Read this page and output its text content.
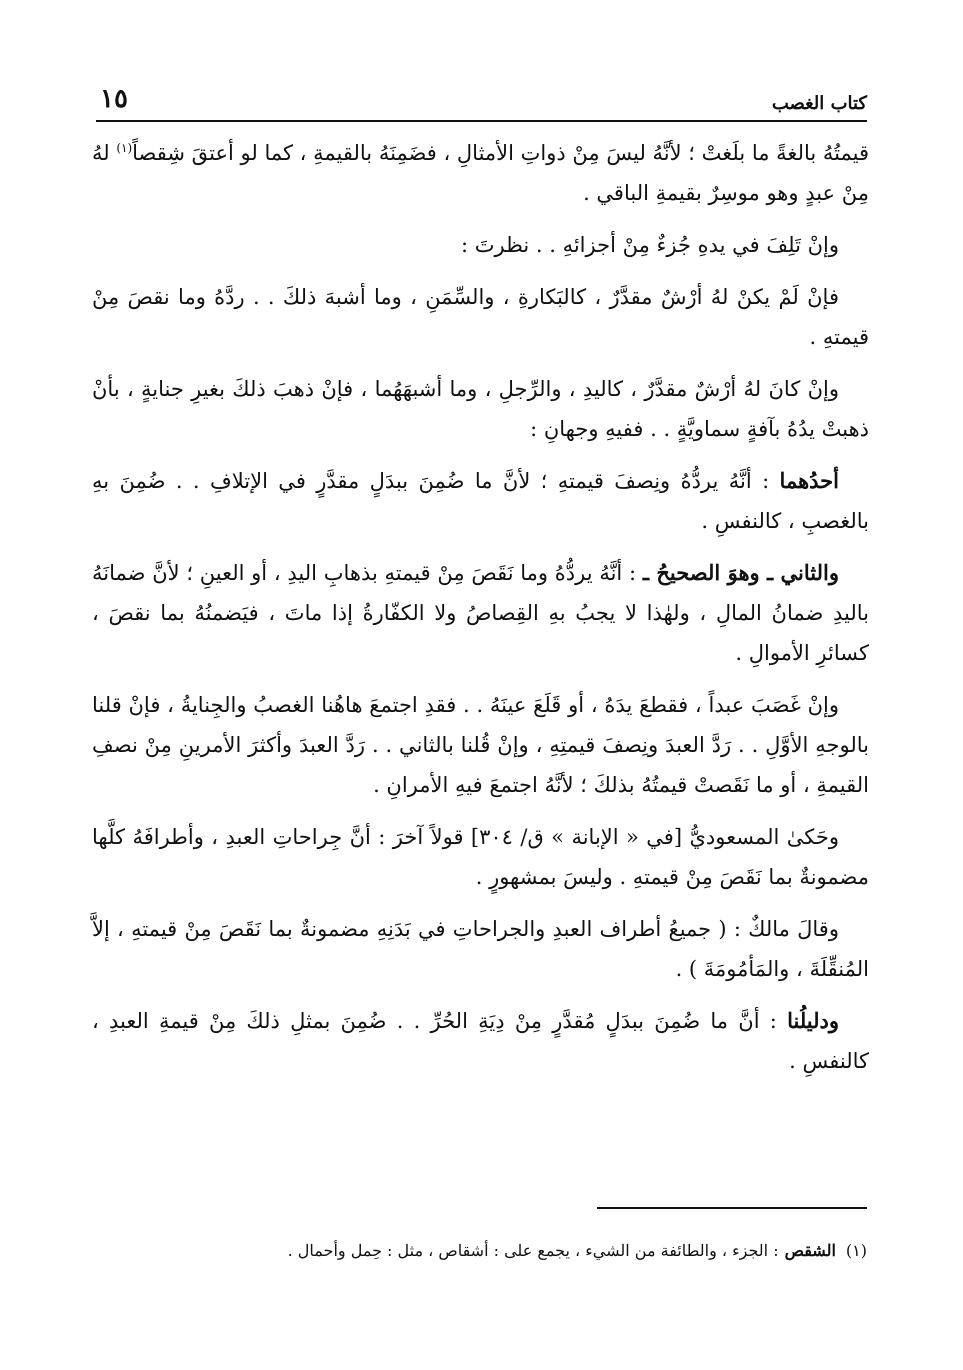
كتاب الغصب
١٥

قيمتُهُ بالغةً ما بلَغتْ ؛ لأنَّهُ ليسَ مِنْ ذواتِ الأمثالِ ، فضَمِنَهُ بالقيمةِ ، كما لو أعتقَ شِقصاً$^{(١)}$ لهُ مِنْ عبدٍ وهو موسِرٌ بقيمةِ الباقي .

وإنْ تَلِفَ في يدهِ جُزءٌ مِنْ أجزائهِ . . نظرتَ :

فإنْ لَمْ يكنْ لهُ أرْشٌ مقدَّرٌ ، كالبَكارةِ ، والسِّمَنِ ، وما أشبهَ ذلكَ . . ردَّهُ وما نقصَ مِنْ قيمتهِ .

وإنْ كانَ لهُ أرْشٌ مقدَّرٌ ، كاليدِ ، والرِّجلِ ، وما أشبهَهُما ، فإنْ ذهبَ ذلكَ بغيرِ جنايةٍ ، بأنْ ذهبتْ يدُهُ بآفةٍ سماويَّةٍ . . ففيهِ وجهانِ :

أحدُهما : أنَّهُ يردُّهُ ونِصفَ قيمتهِ ؛ لأنَّ ما ضُمِنَ ببدَلٍ مقدَّرٍ في الإتلافِ . . ضُمِنَ بهِ بالغصبِ ، كالنفسِ .

والثاني ـ وهوَ الصحيحُ ـ : أنَّهُ يردُّهُ وما نَقَصَ مِنْ قيمتهِ بذهابِ اليدِ ، أو العينِ ؛ لأنَّ ضمانَهُ باليدِ ضمانُ المالِ ، ولهٰذا لا يجبُ بهِ القِصاصُ ولا الكفّارةُ إذا ماتَ ، فيَضمنُهُ بما نقصَ ، كسائرِ الأموالِ .

وإنْ غَصَبَ عبداً ، فقطعَ يدَهُ ، أو قَلَعَ عينَهُ . . فقدِ اجتمعَ هاهُنا الغصبُ والجِنايةُ ، فإنْ قلنا بالوجهِ الأوَّلِ . . رَدَّ العبدَ ونِصفَ قيمتِهِ ، وإنْ قُلنا بالثاني . . رَدَّ العبدَ وأكثرَ الأمرينِ مِنْ نصفِ القيمةِ ، أو ما نَقَصتْ قيمتُهُ بذلكَ ؛ لأنَّهُ اجتمعَ فيهِ الأمرانِ .

وحَكىٰ المسعوديُّ [في « الإبانة » ق/ ٣٠٤] قولاً آخرَ : أنَّ جِراحاتِ العبدِ ، وأطرافَهُ كلَّها مضمونةٌ بما نَقَصَ مِنْ قيمتهِ . وليسَ بمشهورٍ .

وقالَ مالكٌ : ( جميعُ أطراف العبدِ والجراحاتِ في بَدَنِهِ مضمونةٌ بما نَقَصَ مِنْ قيمتهِ ، إلاَّ المُنقِّلَةَ ، والمَأمُومَةَ ) .

ودليلُنا : أنَّ ما ضُمِنَ ببدَلٍ مُقدَّرٍ مِنْ دِيَةِ الحُرِّ . . ضُمِنَ بمثلِ ذلكَ مِنْ قيمةِ العبدِ ، كالنفسِ .

(١)الشقص: الجزء ، والطائفة من الشيء ، يجمع على : أشقاص ، مثل : حِمل وأحمال .
